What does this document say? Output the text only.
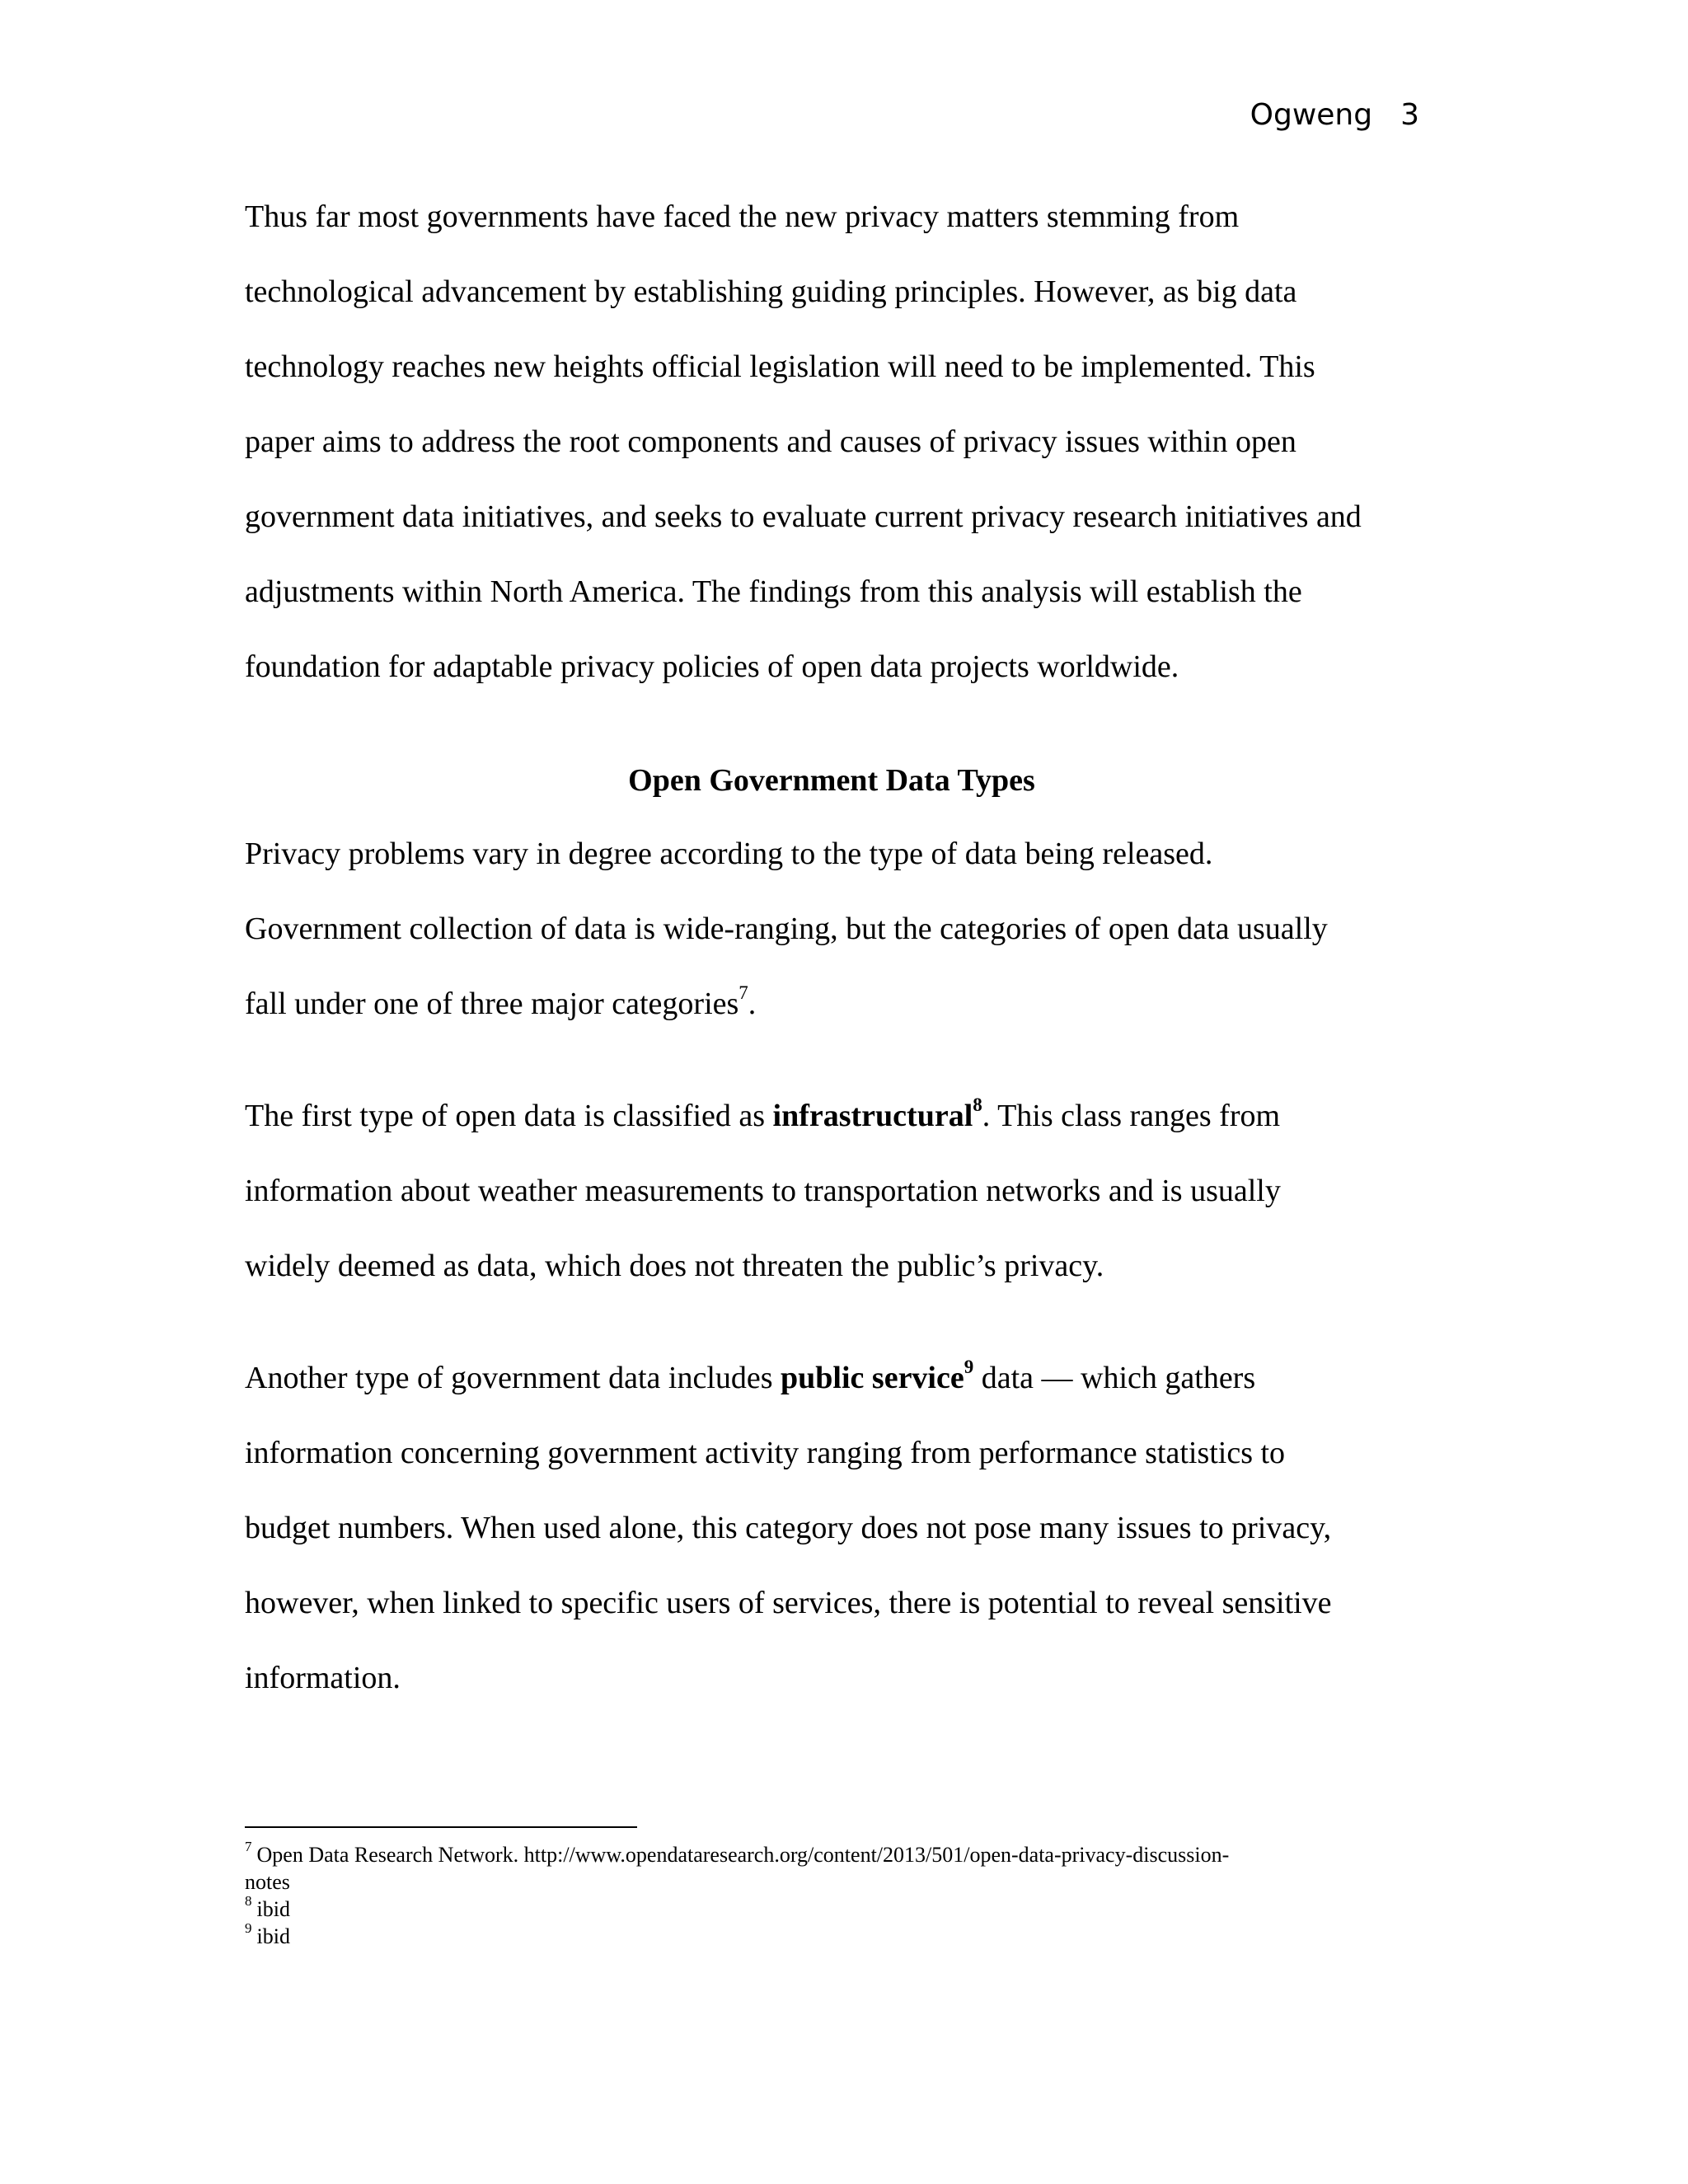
Ogweng 3

Thus far most governments have faced the new privacy matters stemming from
technological advancement by establishing guiding principles. However, as big data
technology reaches new heights official legislation will need to be implemented. This
paper aims to address the root components and causes of privacy issues within open
government data initiatives, and seeks to evaluate current privacy research initiatives and
adjustments within North America. The findings from this analysis will establish the
foundation for adaptable privacy policies of open data projects worldwide.

Open Government Data Types

Privacy problems vary in degree according to the type of data being released.
Government collection of data is wide-ranging, but the categories of open data usually
fall under one of three major categories$^7$.

The first type of open data is classified as infrastructural$^8$. This class ranges from
information about weather measurements to transportation networks and is usually
widely deemed as data, which does not threaten the public’s privacy.

Another type of government data includes public service$^9$ data — which gathers
information concerning government activity ranging from performance statistics to
budget numbers. When used alone, this category does not pose many issues to privacy,
however, when linked to specific users of services, there is potential to reveal sensitive
information.

$^7$ Open Data Research Network. http://www.opendataresearch.org/content/2013/501/open-data-privacy-discussion-
notes
$^8$ ibid
$^9$ ibid
